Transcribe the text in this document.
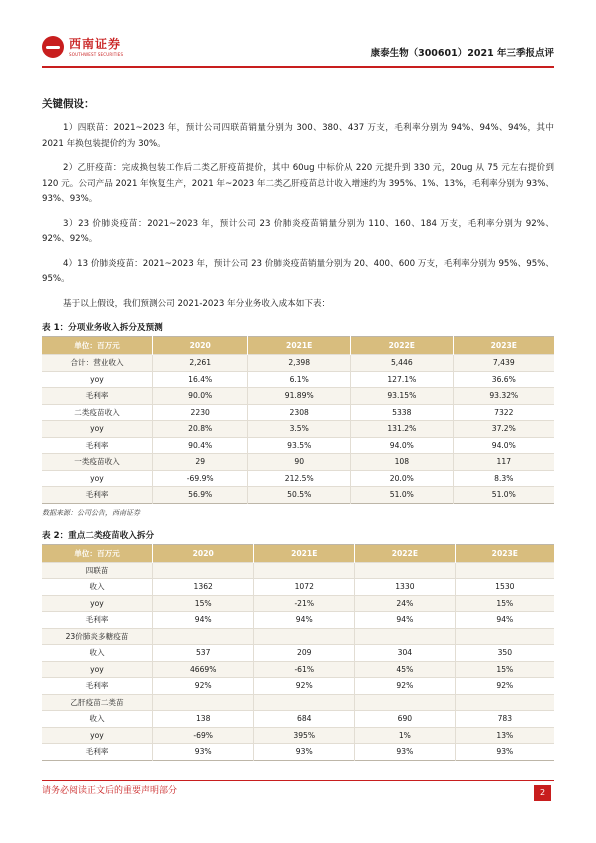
西南证券
SOUTHWEST SECURITIES	康泰生物（300601）2021 年三季报点评
关键假设：

1）四联苗：2021~2023 年，预计公司四联苗销量分别为 300、380、437 万支，毛利率分别为 94%、94%、94%，其中 2021 年换包装提价约为 30%。

2）乙肝疫苗：完成换包装工作后二类乙肝疫苗提价，其中 60ug 中标价从 220 元提升到 330 元，20ug 从 75 元左右提价到 120 元。公司产品 2021 年恢复生产，2021 年~2023 年二类乙肝疫苗总计收入增速约为 395%、1%、13%，毛利率分别为 93%、93%、93%。

3）23 价肺炎疫苗：2021~2023 年，预计公司 23 价肺炎疫苗销量分别为 110、160、184 万支，毛利率分别为 92%、92%、92%。

4）13 价肺炎疫苗：2021~2023 年，预计公司 23 价肺炎疫苗销量分别为 20、400、600 万支，毛利率分别为 95%、95%、95%。

基于以上假设，我们预测公司 2021-2023 年分业务收入成本如下表：

表 1：分项业务收入拆分及预测
单位：百万元	2020	2021E	2022E	2023E
合计：营业收入	2,261	2,398	5,446	7,439
yoy	16.4%	6.1%	127.1%	36.6%
毛利率	90.0%	91.89%	93.15%	93.32%
二类疫苗收入	2230	2308	5338	7322
yoy	20.8%	3.5%	131.2%	37.2%
毛利率	90.4%	93.5%	94.0%	94.0%
一类疫苗收入	29	90	108	117
yoy	-69.9%	212.5%	20.0%	8.3%
毛利率	56.9%	50.5%	51.0%	51.0%
数据来源：公司公告，西南证券
表 2：重点二类疫苗收入拆分
单位：百万元	2020	2021E	2022E	2023E
四联苗				
收入	1362	1072	1330	1530
yoy	15%	-21%	24%	15%
毛利率	94%	94%	94%	94%
23价肺炎多糖疫苗				
收入	537	209	304	350
yoy	4669%	-61%	45%	15%
毛利率	92%	92%	92%	92%
乙肝疫苗二类苗				
收入	138	684	690	783
yoy	-69%	395%	1%	13%
毛利率	93%	93%	93%	93%
请务必阅读正文后的重要声明部分	2
